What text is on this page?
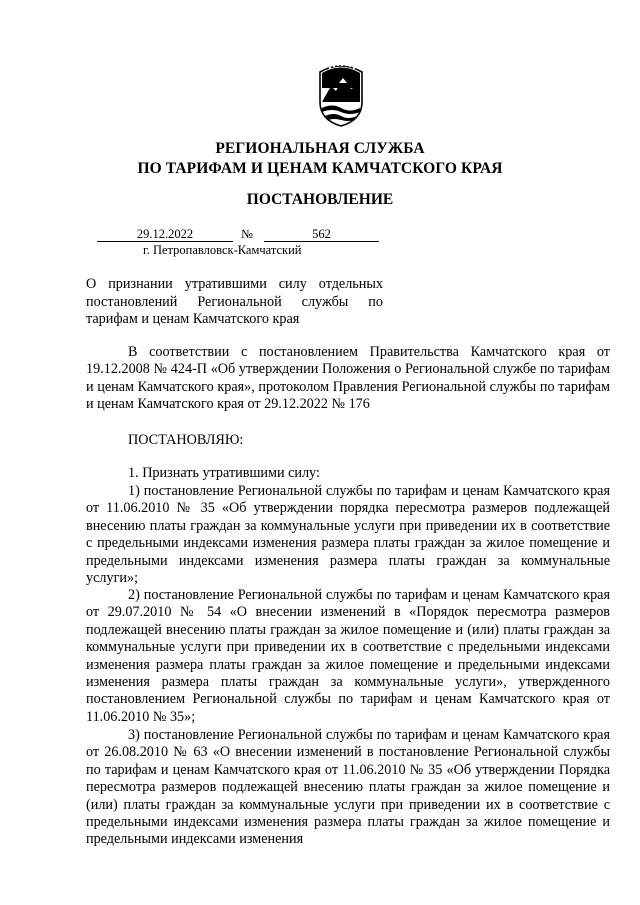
РЕГИОНАЛЬНАЯ СЛУЖБА
ПО ТАРИФАМ И ЦЕНАМ КАМЧАТСКОГО КРАЯ
ПОСТАНОВЛЕНИЕ
29.12.2022	№	562
г. Петропавловск-Камчатский
О признании утратившими силу отдельных постановлений Региональной службы по тарифам и ценам Камчатского края

В соответствии с постановлением Правительства Камчатского края от 19.12.2008 № 424-П «Об утверждении Положения о Региональной службе по тарифам и ценам Камчатского края», протоколом Правления Региональной службы по тарифам и ценам Камчатского края от 29.12.2022 № 176

ПОСТАНОВЛЯЮ:

1. Признать утратившими силу:

1) постановление Региональной службы по тарифам и ценам Камчатского края от 11.06.2010 № 35 «Об утверждении порядка пересмотра размеров подлежащей внесению платы граждан за коммунальные услуги при приведении их в соответствие с предельными индексами изменения размера платы граждан за жилое помещение и предельными индексами изменения размера платы граждан за коммунальные услуги»;

2) постановление Региональной службы по тарифам и ценам Камчатского края от 29.07.2010 № 54 «О внесении изменений в «Порядок пересмотра размеров подлежащей внесению платы граждан за жилое помещение и (или) платы граждан за коммунальные услуги при приведении их в соответствие с предельными индексами изменения размера платы граждан за жилое помещение и предельными индексами изменения размера платы граждан за коммунальные услуги», утвержденного постановлением Региональной службы по тарифам и ценам Камчатского края от 11.06.2010 № 35»;

3) постановление Региональной службы по тарифам и ценам Камчатского края от 26.08.2010 № 63 «О внесении изменений в постановление Региональной службы по тарифам и ценам Камчатского края от 11.06.2010 № 35 «Об утверждении Порядка пересмотра размеров подлежащей внесению платы граждан за жилое помещение и (или) платы граждан за коммунальные услуги при приведении их в соответствие с предельными индексами изменения размера платы граждан за жилое помещение и предельными индексами изменения
